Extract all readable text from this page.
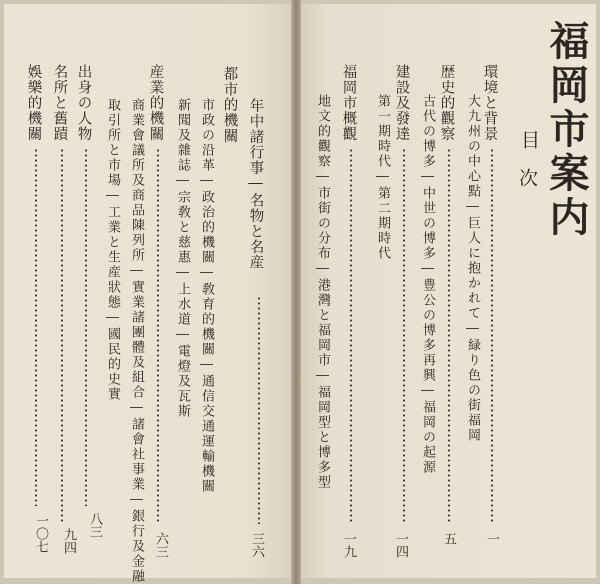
福岡市案内
目
次
環境と背景
一
大九州の中心點―巨人に抱かれて―緑り色の街福岡
歴史的觀察
五
古代の博多―中世の博多―豊公の博多再興―福岡の起源
建設及發達
一四
第一期時代―第二期時代
福岡市概觀
一九
地文的觀察―市街の分布―港灣と福岡市―福岡型と博多型
年中諸行事―名物と名産
三六
都市的機關
市政の沿革―政治的機關―敎育的機關―通信交通運輸機關
新聞及雜誌―宗敎と慈惠―上水道―電燈及瓦斯
産業的機關
六三
商業會議所及商品陳列所―實業諸團體及組合―諸會社事業―銀行及金融
取引所と市場―工業と生産狀態―國民的史實
出身の人物
八三
名所と舊蹟
九四
娛樂的機關
一〇七
